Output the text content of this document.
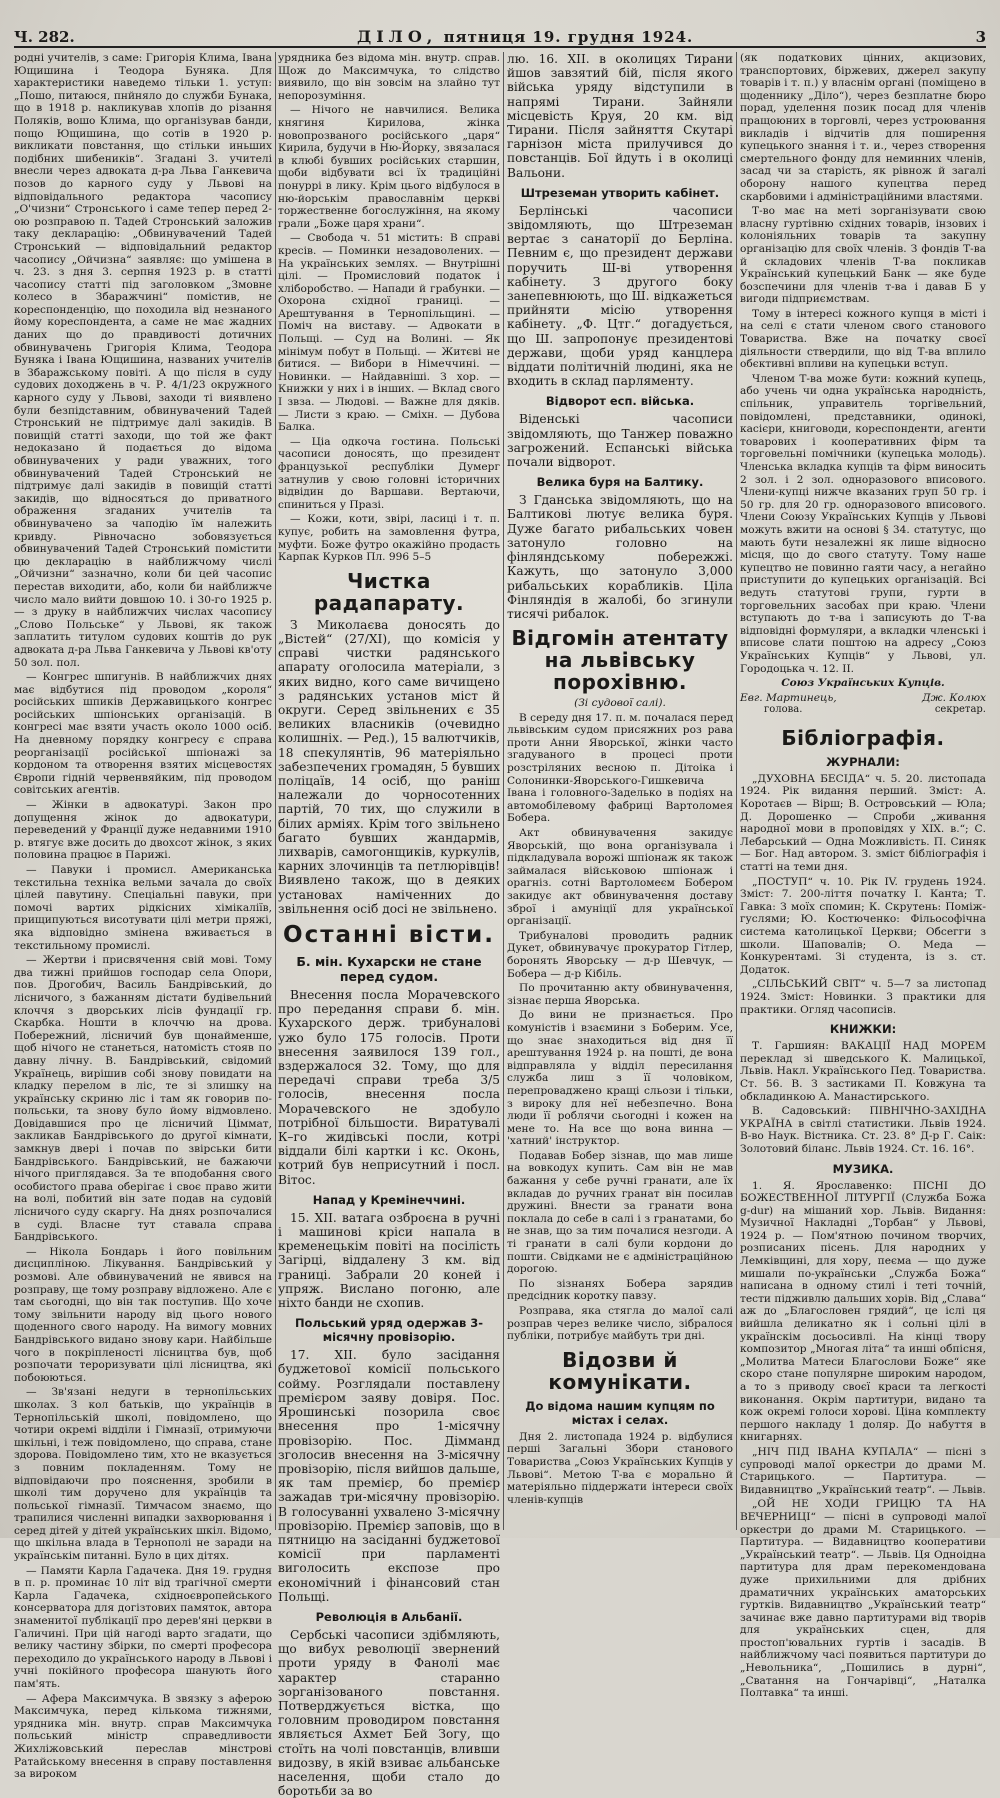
Ч. 282.	ДІЛО, пятниця 19. грудня 1924.	3

родні учителів, з саме: Григорія Клима, Івана Ющишина і Теодора Буняка. Для характеристики наведемо тільки 1. уступ: „Пошо, питаюся, пнйняло до служби Бунака, що в 1918 р. накликував хлопів до різання Поляків, вошо Клима, що організував банди, пощо Ющишина, що сотів в 1920 р. викликати повстання, що стільки иньших подібних шибеників“. Згадані 3. учителі внесли через адвоката д-ра Льва Ганкевича позов до карного суду у Львові на відповідального редактора часопису „О'чизни“ Стронського і саме тепер перед 2-ою розправою п. Тадей Стронський заложив таку декларацію: „Обвинувачений Тадей Стронський — відповідальний редактор часопису „Ойчизна“ заявляє: що умішена в ч. 23. з дня 3. серпня 1923 р. в статті часопису статті під заголовком „Змовне колесо в Збаражчині“ помістив, не кореспонденцію, що походила від незнаного йому кореспондента, а саме не має жадних даних що до правдивості дотичних обвинувачень Григорія Клима, Теодора Буняка і Івана Ющишина, названих учителів в Збаражському повіті. А що після в суду судових доходжень в ч. Р. 4/1/23 окружного карного суду у Львові, заходи ті виявлено були безпідставним, обвинувачений Тадей Стронський не підтримує далі закидів. В повищій статті заходи, що той же факт недоказано й подається до відома обвинувачених у ради уважних, того обвинувачений Тадей Стронський не підтримує далі закидів в повищій статті закидів, що відносяться до приватного ображення згаданих учителів та обвинувачено за чаподію їм належить кривду. Рівночасно зобовязується обвинувачений Тадей Стронський помістити цю декларацію в найближчому числі „Ойчизни“ зазначно, коли би цей часопис перестав виходити, або, коли би найближче число мало вийти довшою 10. і 30-го 1925 р. — з друку в найближчих числах часопису „Слово Польське“ у Львові, як також заплатить титулом судових коштів до рук адвоката д-ра Льва Ганкевича у Львові кв'оту 50 зол. пол.

— Конгрес шпигунів. В найближчих днях має відбутися під проводом „короля“ російських шпиків Державицького конгрес російських шпіонських організацій. В конгресі має взяти участь около 1000 осіб. На дневному порядку конгресу є справа реорганізації російської шпіонажі за кордоном та отворення взятих місцевостях Європи гідній червенвяйким, під проводом совітських агентів.

— Жінки в адвокатурі. Закон про допущення жінок до адвокатури, переведений у Франції дуже недавними 1910 р. втягує вже досить до двохсот жінок, з яких половина працює в Парижі.

— Павуки і промисл. Американська текстильна техніка вельми зачала до своїх цілей павутину. Спеціальні павуки, при помочі вартих рідкісних хімікаліїв, прищипуються висотувати цілі метри пряжі, яка відповідно змінена вживається в текстильному промислі.

— Жертви і присвячення свій мові. Тому два тижні прийшов господар села Опори, пов. Дрогобич, Василь Бандрівський, до лісничого, з бажанням дістати будівельний клоччя з дворських лісів фундації гр. Скарбка. Ношти в клоччю на дрова. Побережний, лісничий був щонайменше, щоб нічого не станеться, натомість стояв по давну лічну. В. Бандрівський, свідомий Українець, вирішив собі знову повидати на кладку перелом в ліс, те зі злишку на українську скриню ліс і там як говорив по-польськи, та знову було йому відмовлено. Довідавшися про це лісничий Ціммат, закликав Бандрівського до другої кімнати, замкнув двері і почав по звірськи бити Бандрівського. Бандрівський, не бажаючи нічого приглядався. За те вподобання свого особистого права оберігає і своє право жити на волі, побитий він зате подав на судовій лісничого суду скаргу. На днях розпочалися в суді. Власне тут ставала справа Бандрівського.

— Нікола Бондарь і його повільним дисципліною. Лікування. Бандрівський у розмові. Але обвинувачений не явився на розправу, ще тому розправу відложено. Але є там сьогодні, що він так поступив. Що хоче тому звільнити народу від цього нового щоденного свого народу. На вимогу мовних Бандрівського видано знову кари. Найбільше чого в покріпленості лісництва був, щоб розпочати тероризувати цілі лісництва, які побоюються.

— Зв'язані недуги в тернопільських школах. З кол батьків, що українців в Тернопільській школі, повідомлено, що чотири окремі відділи і Гімназії, отримуючи шкільні, і теж повідомлено, що справа, стане здорова. Повідомлено тим, хто не вказується з повним покладенням. Тому не відповідаючи про пояснення, зробили в школі тим доручено для українців та польської гімназії. Тимчасом знаємо, що трапилися численні випадки захворювання і серед дітей у дітей українських шкіл. Відомо, що шкільна влада в Тернополі не заради на українськім питанні. Було в цих дітях.

— Памяти Карла Гадачека. Дня 19. грудня в п. р. проминає 10 літ від трагічної смерти Карла Гадачека, східноєвропейського консерватора для догізтових памяток, автора знаменитої публікації про дерев'яні церкви в Галичині. При цій нагоді варто згадати, що велику частину збірки, по смерті професора переходило до українського народу в Львові і учні покійного професора шанують його пам'ять.

— Афера Максимчука. В звязку з аферою Максимчука, перед кількома тижнями, урядника мін. внутр. справ Максимчука польський міністр справедливости Жихліжовський переслав мінстрові Ратайському внесення в справу поставлення за вироком

урядника без відома мін. внутр. справ. Щож до Максимчука, то слідство виявило, що він зовсім на злайно тут непорозуміння.

— Нічого не навчилися. Велика княгиня Кирилова, жінка новопрозваного російського „царя“ Кирила, будучи в Ню-Йорку, звязалася в клюбі бувших російських старшин, щоби відбувати всі їх традиційні понуррі в лику. Крім цього відбулося в ню-йорськім православнім церкві торжественне богослужіння, на якому грали „Боже царя храни“.

— Свобода ч. 51 містить: В справі кресів. — Поминки незадоволених. — На українських землях. — Внутрішні цілі. — Промисловий податок і хліборобство. — Напади й грабунки. — Охорона східної границі. — Арештування в Тернопільщині. — Поміч на виставу. — Адвокати в Польщі. — Суд на Волині. — Як мінімум побут в Польщі. — Житєві не битися. — Вибори в Німеччині. — Новинки. — Найдавніші. З хор. — Книжки у них і в інших. — Вклад свого І звза. — Людові. — Важне для дяків. — Листи з краю. — Сміхн. — Дубова Балка.

— Ціа одкоча гостина. Польські часописи доносять, що президент французької республіки Думерг затнулив у свою головні історичних відвідин до Варшави. Вертаючи, спиниться у Празі.

— Кожи, коти, звірі, ласиці і т. п. купує, робить на замовлення футра, муфти. Боже футро окажійно продасть Карпак Курков Пл. 996 5–5

Чистка радапарату.

З Миколаєва доносять до „Вістей“ (27/XI), що комісія у справі чистки радянського апарату оголосила матеріали, з яких видно, кого саме вичищено з радянських установ міст й округи. Серед звільнених є 35 великих власників (очевидно колишніх. — Ред.), 15 валютчиків, 18 спекулянтів, 96 матеріяльно забезпечених громадян, 5 бувших поліцаїв, 14 осіб, що раніш належали до чорносотенних партій, 70 тих, що служили в білих арміях. Крім того звільнено багато бувших жандармів, лихварів, самогонщиків, куркулів, карних злочинців та петлюрівців! Виявлено також, що в деяких установах наміченних до звільнення осіб досі не звільнено.

Останні вісти.
Б. мін. Кухарски не стане перед судом.

Внесення посла Морачевского про передання справи б. мін. Кухарского держ. трибуналові ужо було 175 голосів. Проти внесення заявилося 139 гол., вздержалося 32. Тому, що для передачі справи треба 3/5 голосів, внесення посла Морачевского не здобуло потрібної більшости. Виратувалі К–го жидівські посли, котрі віддали білі картки і кс. Оконь, котрий був неприсутний і посл. Вітос.

Напад у Кремінеччині.

15. XII. ватага озброєна в ручні і машинові кріси напала в кременецькім повіті на посілість Загірці, віддалену 3 км. від границі. Забрали 20 коней і упряж. Вислано погоню, але ніхто банди не схопив.

Польський уряд одержав 3-місячну провізорію.

17. XII. було засідання буджетової комісії польського сойму. Розглядали поставлену премієром заяву довіря. Пос. Ярошинські позорила своє внесення про 1-місячну провізорію. Пос. Дімманд зголосив внесення на 3-місячну провізорію, після вийшов дальше, як там премієр, бо премієр зажадав три-місячну провізорію. В голосуванні ухвалено 3-місячну провізорію. Премієр заповів, що в пятницю на засіданні буджетової комісії при парламенті виголосить експозе про економічний і фінансовий стан Польщі.

Революція в Альбанії.

Сербські часописи здібмляють, що вибух революції звернений проти уряду в Фанолі має характер старанно зорганізованого повстання. Потверджується вістка, що головним проводиром повстання являється Ахмет Бей Зогу, що стоїть на чолі повстанців, вливши видозву, в якій взиває альбанське населення, щоби стало до боротьби за во

лю. 16. XII. в околицях Тирани йшов завзятий бій, після якого війська уряду відступили в напрямі Тирани. Зайняли місцевість Круя, 20 км. від Тирани. Після зайняття Скутарі гарнізон міста прилучився до повстанців. Бої йдуть і в околиці Вальони.

Штреземан утворить кабінет.

Берлінські часописи звідомляють, що Штреземан вертає з санаторії до Берліна. Певним є, що президент держави поручить Ш-ві утворення кабінету. З другого боку занепевнюють, що Ш. відкажеться прийняти місію утворення кабінету. „Ф. Цтг.“ догадується, що Ш. запропонує президентові держави, щоби уряд канцлера віддати політичній людині, яка не входить в склад парляменту.

Відворот есп. війська.

Віденські часописи звідомляють, що Танжер поважно загрожений. Еспанські війська почали відворот.

Велика буря на Балтику.

З Гданська звідомляють, що на Балтикові лютує велика буря. Дуже багато рибальських човен затонуло головно на фінляндському побережжі. Кажуть, що затонуло 3,000 рибальських корабликів. Ціла Фінляндія в жалобі, бо згинули тисячі рибалок.

Відгомін атентату на львівську порохівню.

(Зі судової салі).

В середу дня 17. п. м. почалася перед львівським судом присяжних роз рава проти Анни Яворської, жінки часто згадуваного в процесі проти розстріляних весною п. Дітоіка і Солонинки-Яворського-Гишкевича Івана і головного-Заделько в подіях на автомобілевому фабриці Вартоломея Бобера.

Акт обвинувачення закидує Яворській, що вона організувала і підкладувала ворожі шпіонаж як також займалася військовою шпіонаж і орагніз. сотні Вартоломеєм Бобером закидує акт обвинувачення доставу зброї і амуніції для української організації.

Трибуналові проводить радник Дукет, обвинувачує прокуратор Гітлер, боронять Яворську — д-р Шевчук, — Бобера — д-р Кібіль.

По прочитанню акту обвинувачення, зізнає перша Яворська.

До вини не признається. Про комуністів і взаємини з Боберим. Усе, що знає знаходиться від дня її арештування 1924 р. на пошті, де вона відправляла у відділ пересилання служба лиш з її чоловіком, перепроваджено кращі сльози і тільки, з вироку для неї небезпечно. Вона люди її роблячи сьогодні і кожен на мене то. На все що вона винна — 'хатний' інструктор.

Подавав Бобер зізнав, що мав лише на вовкодух купить. Сам він не мав бажання у себе ручні гранати, але їх вкладав до ручних гранат він посилав дружині. Внести за гранати вона поклала до себе в салі і з гранатами, бо не знав, що за тим почалися незгоди. А ті гранати в салі були кордони до пошти. Свідками не є адміністраційною дорогою.

По зізнанях Бобера зарядив предсідник коротку павзу.

Розправа, яка стягла до малої салі розправ через велике число, зібралося публіки, потрибує майбуть три дні.

Відозви й комунікати.
До відома нашим купцям по містах і селах.

Дня 2. листопада 1924 р. відбулися перші Загальні Збори станового Товариства „Союз Українських Купців у Львові“. Метою Т-ва є морально й матеріяльно піддержати інтереси своїх членів-купців

(як податкових цінних, акцизових, транспортових, біржевих, джерел закупу товарів і т. п.) у власнім органі (поміщено в щоденнику „Діло“), через безплатне бюро порад, уделення позик посад для членів пращоюних в торговлі, через устроювання викладів і відчитів для поширення купецького знання і т. и., через створення смертельного фонду для неминних членів, засад чи за старість, як рівнож й загалі оборону нашого купецтва перед скарбовими і адміністраційними властями.

Т-во має на меті зорганізувати свою власну гуртівню східних товарів, інзових і колоніяльних товарів та закупну організацію для своїх членів. З фондів Т-ва й складових членів Т-ва покликав Український купецький Банк — яке буде бозспечини для членів т-ва і давав Б у вигоди підприємствам.

Тому в інтересі кожного купця в місті і на селі є стати членом свого станового Товариства. Вже на початку своєї діяльности ствердили, що від Т-ва вплило обєктивні впливи на купецьки вступ.

Членом Т-ва може бути: кожний купець, або учень чи одна українська народність, спільник, управитель торгівельний, повідомлені, представники, одинокі, касієри, книговоди, кореспонденти, агенти товарових і кооперативних фірм та торговельні помічники (купецька молодь). Членська вкладка купців та фірм виносить 2 зол. і 2 зол. одноразового вписового. Члени-купці нижче вказаних груп 50 гр. і 50 гр. для 20 гр. одноразового вписового. Члени Союзу Українських Купців у Львові можуть вжити на основі § 34. статутус, що мають бути незалежні як лише відносно місця, що до свого статуту. Тому наше купецтво не повинно гаяти часу, а негайно приступити до купецьких організацій. Всі ведуть статутові групи, гурти в торговельних засобах при краю. Члени вступають до т-ва і записують до Т-ва відповідні формуляри, а вкладки членські і вписове слати поштою на адресу „Союз Українських Купців“ у Львові, ул. Городоцька ч. 12. II.

Союз Українських Купців.

Евг. Мартинець,	Дж. Колюх
голова.	секретар.
Бібліографія.
ЖУРНАЛИ:

„ДУХОВНА БЕСІДА“ ч. 5. 20. листопада 1924. Рік видання перший. Зміст: А. Коротаєв — Вірш; В. Островський — Юла; Д. Дорошенко — Спроби „живання народної мови в проповідях у XIX. в.“; С. Лебарський — Одна Можливість. П. Синяк — Бог. Над автором. З. зміст бібліографія і статті на теми дня.

„ПОСТУП“ ч. 10. Рік IV. грудень 1924. Зміст: 7. 200-ліття початку І. Канта; Т. Гавка: З моїх спомин; К. Скрутень: Поміж-гуслями; Ю. Костюченко: Фільософічна система католицької Церкви; Обсегги з школи. Шаповалів; О. Меда — Конкурентамі. Зі студента, із з. ст. Додаток.

„СІЛЬСЬКИЙ СВІТ“ ч. 5—7 за листопад 1924. Зміст: Новинки. 3 практики для практики. Огляд часописів.

КНИЖКИ:

Т. Гаршиян: ВАКАЦІЇ НАД МОРЕМ переклад зі шведського К. Малицької, Львів. Накл. Українського Пед. Товариства. Ст. 56. В. З застиками П. Ковжуна та обкладинкою А. Манастирського.

В. Садовський: ПІВНІЧНО-ЗАХІДНА УКРАЇНА в світлі статистики. Львів 1924. В-во Наук. Вістника. Ст. 23. 8° Д-р Г. Саік: Золотовий біланс. Львів 1924. Ст. 16. 16°.

МУЗИКА.

1. Я. Ярославенко: ПІСНІ ДО БОЖЕСТВЕННОЇ ЛІТУРГІЇ (Служба Божа g-dur) на мішаний хор. Львів. Видання: Музичної Накладні „Торбан“ у Львові, 1924 р. — Пом'ятною почином творчих, розписаних пісень. Для народних у Лемківщині, для хору, пеєма — що дуже мишали по-українськи „Служба Божа“ написана в одному стилі і теті точній, тести підживлю дальших хорів. Від „Слава“ аж до „Благословен грядий“, це іслі ця вийшла деликатно як і сольні цілі в українскім досьосивлі. На кінці твору композитор „Многая літа“ та инші обпісня, „Молитва Матеси Благослови Боже“ яке скоро стане популярне широким народом, а то з приводу своєї краси та легкості виконання. Окрім партитури, видано та кож окремі голоси хорові. Ціна комплекту першого накладу 1 доляр. До набуття в книгарнях.

„НІЧ ПІД ІВАНА КУПАЛА“ — пісні з супроводі малої оркестри до драми М. Старицького. — Партитура. — Видавництво „Український театр“. — Львів.

„ОЙ НЕ ХОДИ ГРИЦЮ ТА НА ВЕЧЕРНИЦІ“ — пісні в супроводі малої оркестри до драми М. Старицького. — Партитура. — Видавництво кооперативи „Український театр“. — Львів. Ця Одноідна партитура для драм перекомендована дуже прихильними для дрібних драматичних українських аматорських гуртків. Видавництво „Український театр“ зачинає вже давно партитурами від творів для українських сцен, для простоп'ювальних гуртів і засадів. В найближчому часі появиться партитури до „Невольника“, „Пошились в дурні“, „Сватання на Гончарівці“, „Наталка Полтавка“ та инші.
